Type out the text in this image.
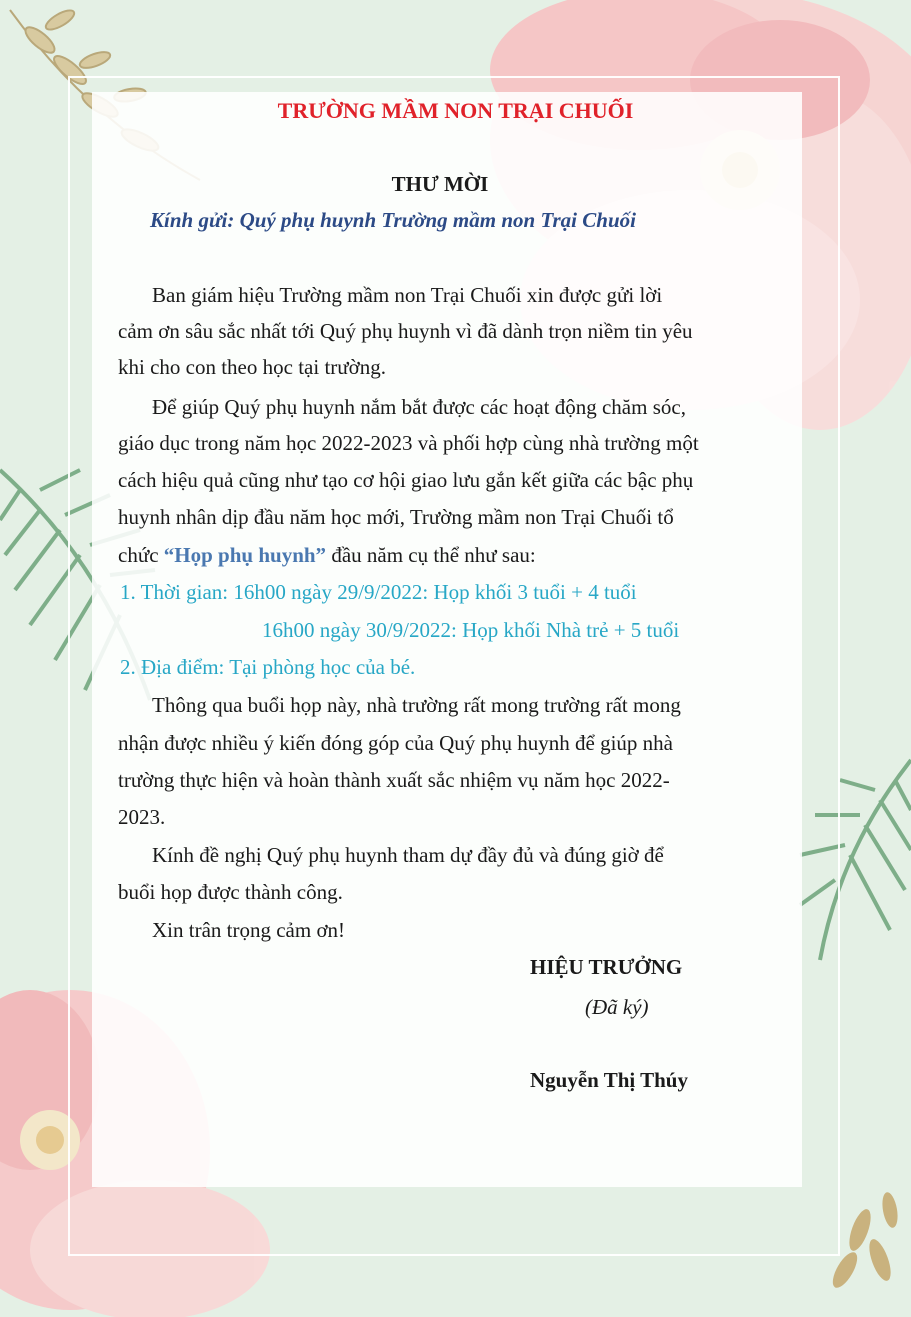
TRƯỜNG MẦM NON TRẠI CHUỐI
THƯ MỜI
Kính gửi: Quý phụ huynh Trường mầm non Trại Chuối
Ban giám hiệu Trường mầm non Trại Chuối xin được gửi lời
cảm ơn sâu sắc nhất tới Quý phụ huynh vì đã dành trọn niềm tin yêu
khi cho con theo học tại trường.
Để giúp Quý phụ huynh nắm bắt được các hoạt động chăm sóc,
giáo dục trong năm học 2022-2023 và phối hợp cùng nhà trường một
cách hiệu quả cũng như tạo cơ hội giao lưu gắn kết giữa các bậc phụ
huynh nhân dịp đầu năm học mới, Trường mầm non Trại Chuối tổ
chức “Họp phụ huynh” đầu năm cụ thể như sau:
1. Thời gian: 16h00 ngày 29/9/2022: Họp khối 3 tuổi + 4 tuổi
16h00 ngày 30/9/2022: Họp khối Nhà trẻ + 5 tuổi
2. Địa điểm: Tại phòng học của bé.
Thông qua buổi họp này, nhà trường rất mong trường rất mong
nhận được nhiều ý kiến đóng góp của Quý phụ huynh để giúp nhà
trường thực hiện và hoàn thành xuất sắc nhiệm vụ năm học 2022-
2023.
Kính đề nghị Quý phụ huynh tham dự đầy đủ và đúng giờ để
buổi họp được thành công.
Xin trân trọng cảm ơn!
HIỆU TRƯỞNG
(Đã ký)
Nguyễn Thị Thúy
